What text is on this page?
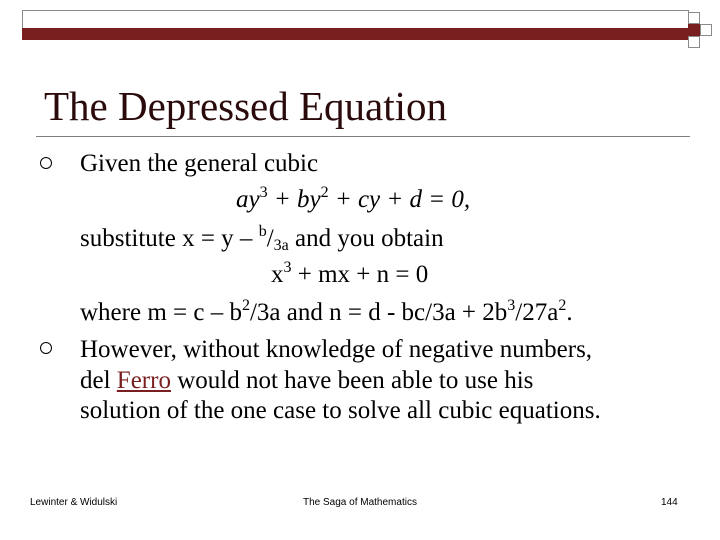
The Depressed Equation
Given the general cubic
$ay^3 + by^2$ + cy + d = 0,
substitute $x = y - ^b/_{3a}$ and you obtain
$x^3$ + mx + n = 0
where $m = c - b^2/3a$ and $n = d - bc/3a + 2b^3/27a^2$.
However, without knowledge of negative numbers,
del Ferro would not have been able to use his
solution of the one case to solve all cubic equations.
Lewinter & Widulski	The Saga of Mathematics	144
